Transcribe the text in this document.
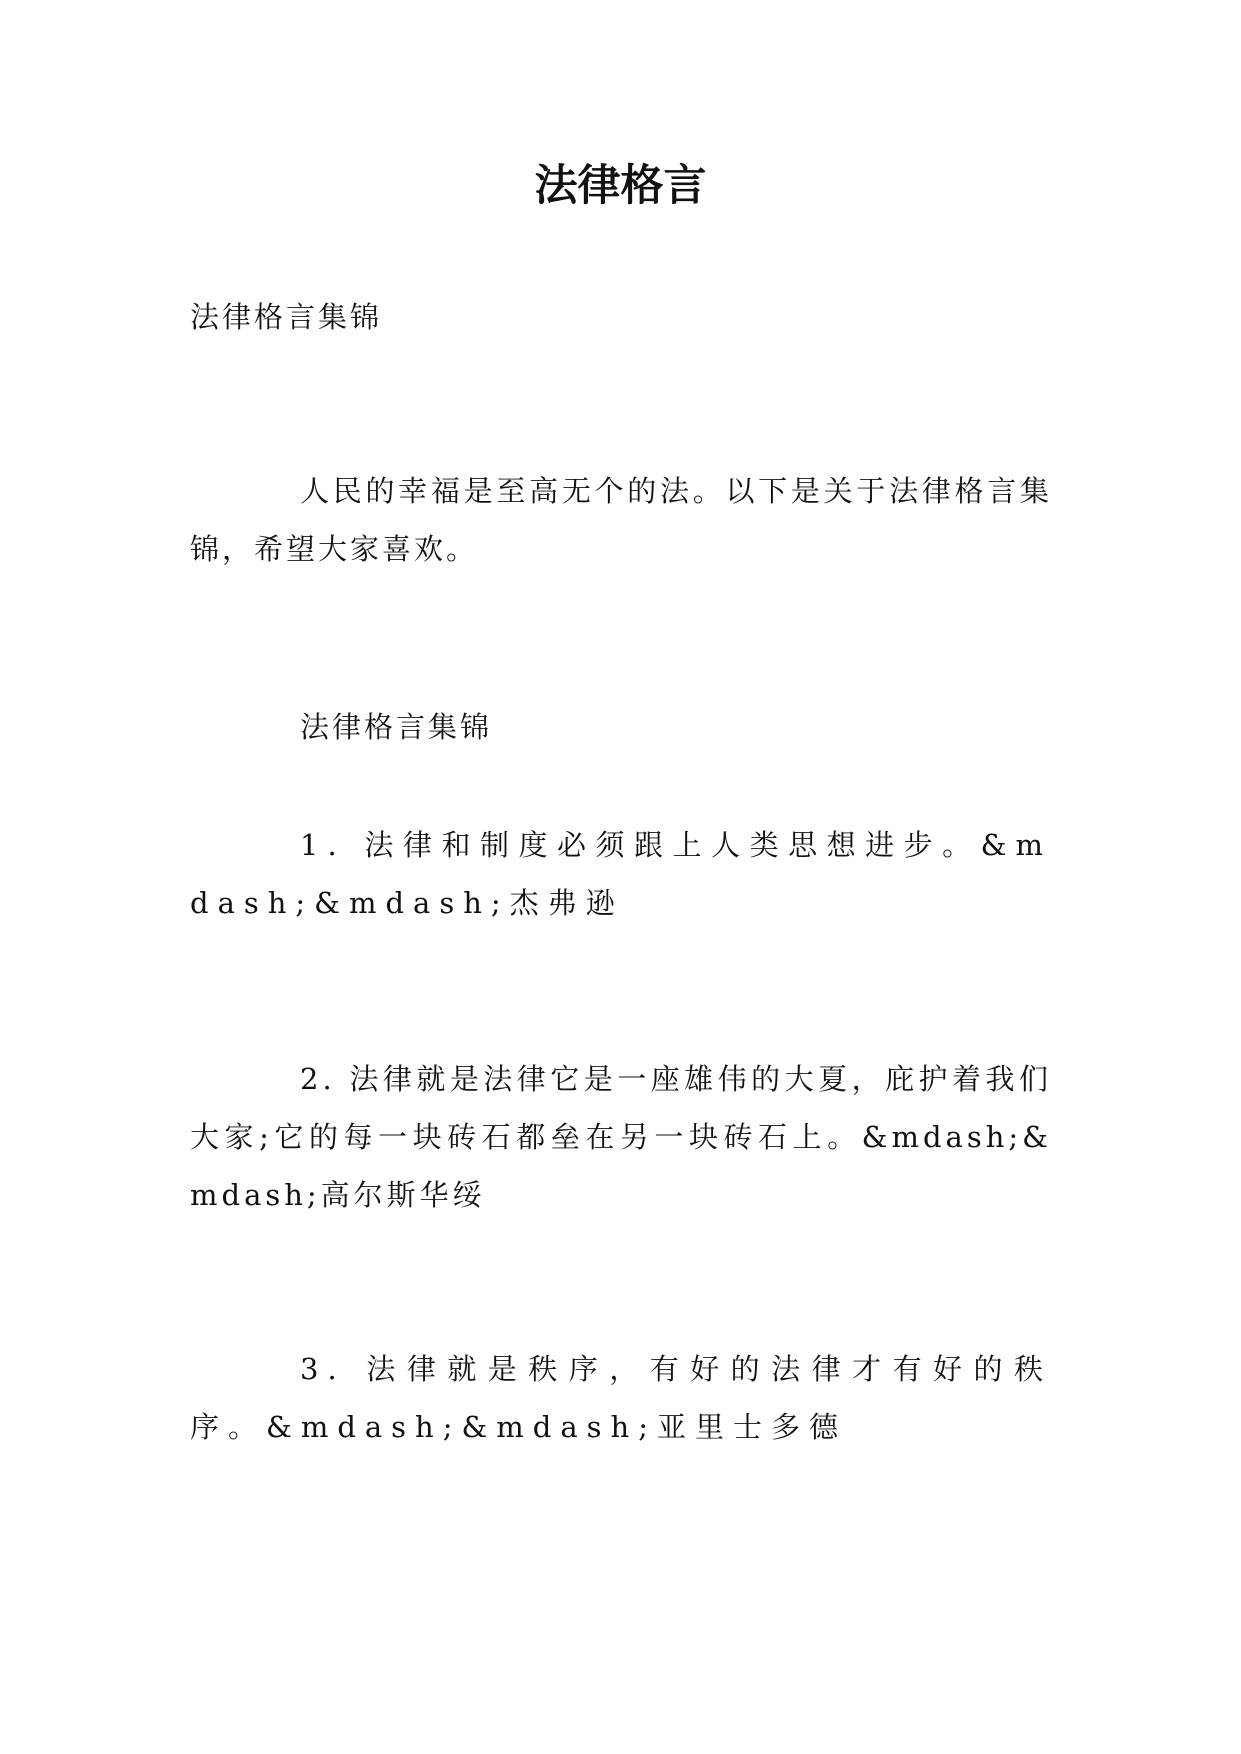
法律格言

法律格言集锦

人民的幸福是至高无个的法。以下是关于法律格言集锦，希望大家喜欢。

法律格言集锦

1. 法律和制度必须跟上人类思想进步。&mdash;&mdash;杰弗逊

2. 法律就是法律它是一座雄伟的大夏，庇护着我们大家;它的每一块砖石都垒在另一块砖石上。&mdash;&mdash;高尔斯华绥

3. 法律就是秩序，有好的法律才有好的秩序。&mdash;&mdash;亚里士多德
